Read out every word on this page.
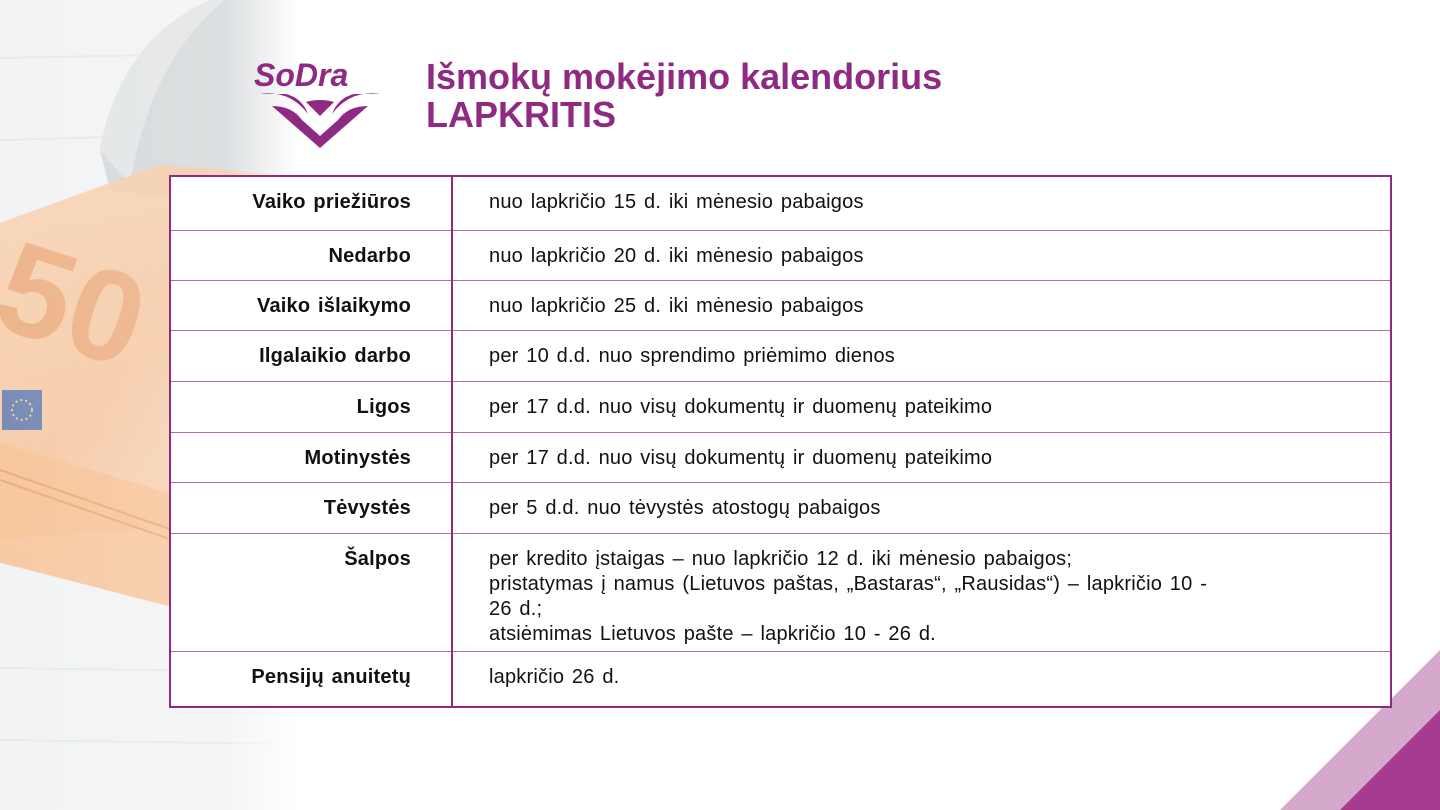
SoDra Išmokų mokėjimo kalendorius
LAPKRITIS
Vaiko priežiūros	nuo lapkričio 15 d. iki mėnesio pabaigos

Nedarbo	nuo lapkričio 20 d. iki mėnesio pabaigos

Vaiko išlaikymo	nuo lapkričio 25 d. iki mėnesio pabaigos

Ilgalaikio darbo	per 10 d.d. nuo sprendimo priėmimo dienos

Ligos	per 17 d.d. nuo visų dokumentų ir duomenų pateikimo

Motinystės	per 17 d.d. nuo visų dokumentų ir duomenų pateikimo

Tėvystės	per 5 d.d. nuo tėvystės atostogų pabaigos

Šalpos	per kredito įstaigas – nuo lapkričio 12 d. iki mėnesio pabaigos;
pristatymas į namus (Lietuvos paštas, „Bastaras“, „Rausidas“) – lapkričio 10 -
26 d.;
atsiėmimas Lietuvos pašte – lapkričio 10 - 26 d.

Pensijų anuitetų	lapkričio 26 d.
